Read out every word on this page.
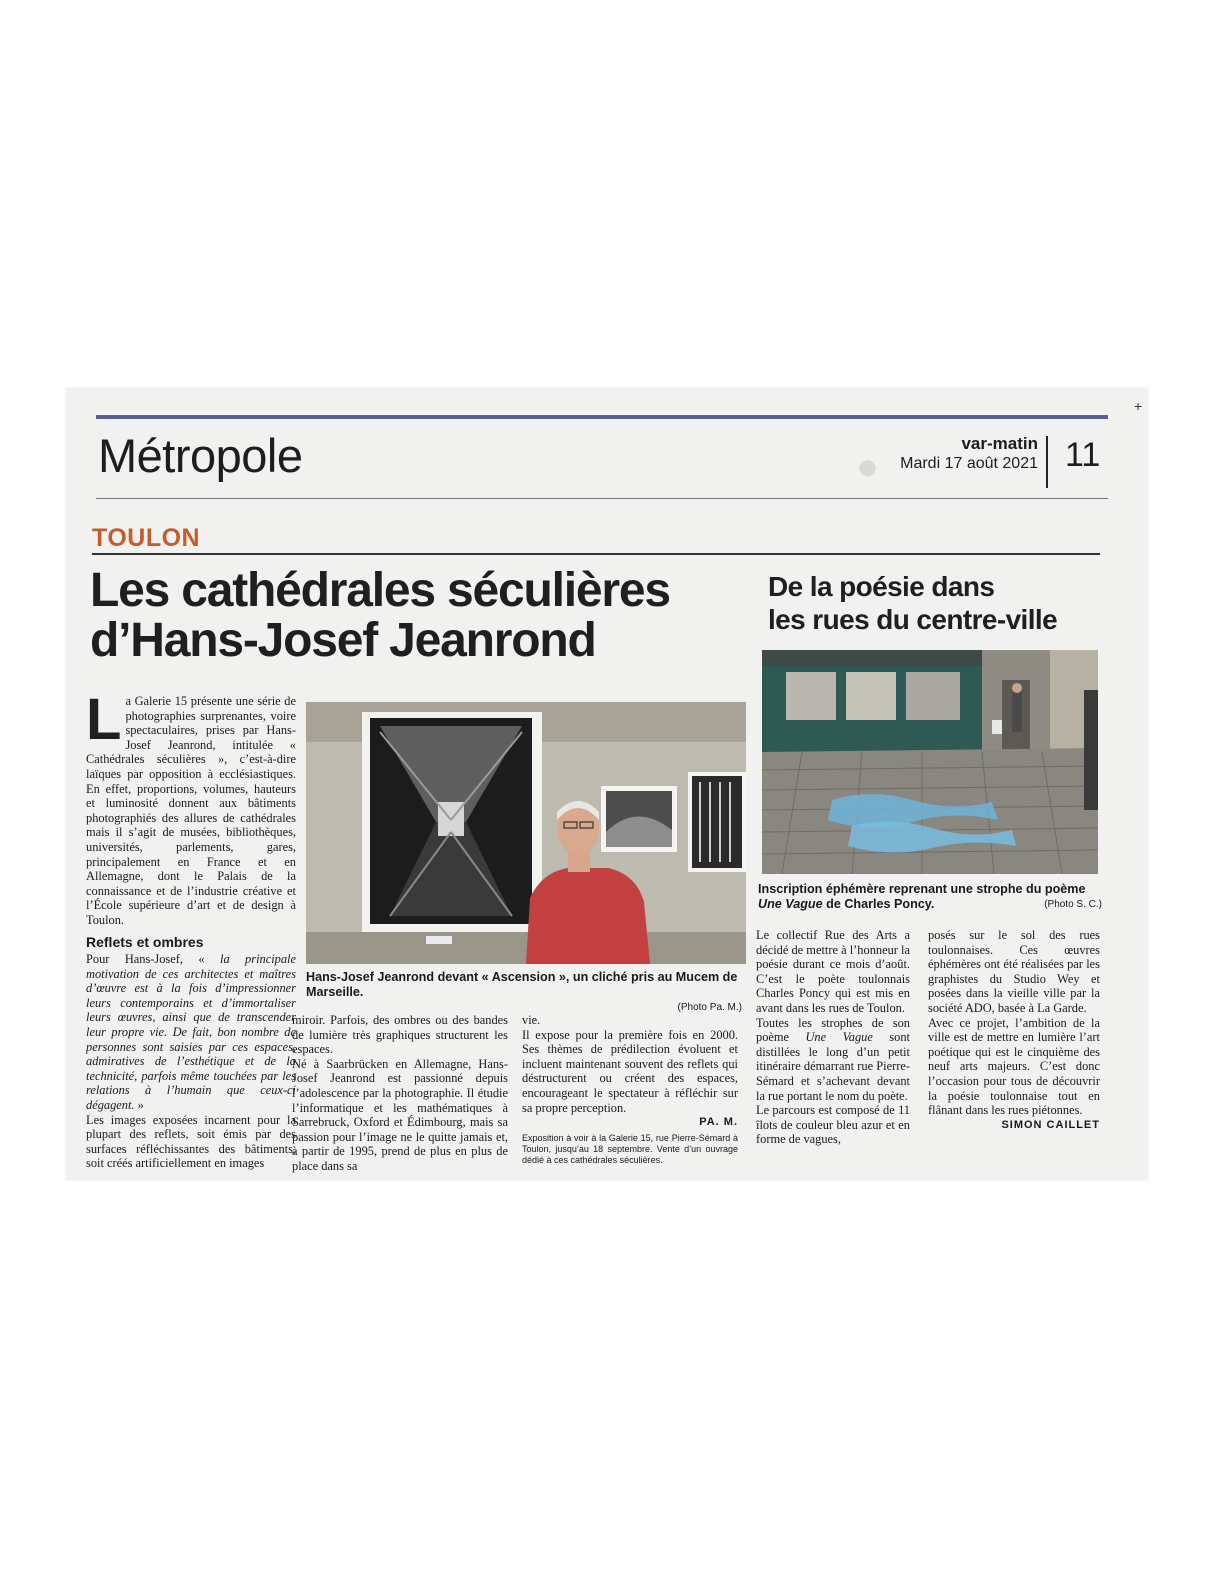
●
Métropole	var-matin
Mardi 17 août 2021 11
TOULON
Les cathédrales séculières
d’Hans-Josef Jeanrond
De la poésie dans
les rues du centre-ville

La Galerie 15 présente une série de photographies surprenantes, voire spectaculaires, prises par Hans-Josef Jeanrond, intitulée « Cathédrales séculières », c’est-à-dire laïques par opposition à ecclésiastiques. En effet, proportions, volumes, hauteurs et luminosité donnent aux bâtiments photographiés des allures de cathédrales mais il s’agit de musées, bibliothèques, universités, parlements, gares, principalement en France et en Allemagne, dont le Palais de la connaissance et de l’industrie créative et l’École supérieure d’art et de design à Toulon.

Reflets et ombres

Pour Hans-Josef, « la principale motivation de ces architectes et maîtres d’œuvre est à la fois d’impressionner leurs contemporains et d’immortaliser leurs œuvres, ainsi que de transcender leur propre vie. De fait, bon nombre de personnes sont saisies par ces espaces, admiratives de l’esthétique et de la technicité, parfois même touchées par les relations à l’humain que ceux-ci dégagent. »

Les images exposées incarnent pour la plupart des reflets, soit émis par des surfaces réfléchissantes des bâtiments, soit créés artificiellement en images

Hans-Josef Jeanrond devant « Ascension », un cliché pris au Mucem de Marseille.

(Photo Pa. M.)

miroir. Parfois, des ombres ou des bandes de lumière très graphiques structurent les espaces.

Né à Saarbrücken en Allemagne, Hans-Josef Jeanrond est passionné depuis l’adolescence par la photographie. Il étudie l’informatique et les mathématiques à Sarrebruck, Oxford et Édimbourg, mais sa passion pour l’image ne le quitte jamais et, à partir de 1995, prend de plus en plus de place dans sa

vie.

Il expose pour la première fois en 2000. Ses thèmes de prédilection évoluent et incluent maintenant souvent des reflets qui déstructurent ou créent des espaces, encourageant le spectateur à réfléchir sur sa propre perception.

PA. M.

Exposition à voir à la Galerie 15, rue Pierre-Sémard à Toulon, jusqu’au 18 septembre. Vente d’un ouvrage dédié à ces cathédrales séculières.

Inscription éphémère reprenant une strophe du poème Une Vague de Charles Poncy.	(Photo S. C.)

Le collectif Rue des Arts a décidé de mettre à l’honneur la poésie durant ce mois d’août. C’est le poète toulonnais Charles Poncy qui est mis en avant dans les rues de Toulon.

Toutes les strophes de son poème Une Vague sont distillées le long d’un petit itinéraire démarrant rue Pierre-Sémard et s’achevant devant la rue portant le nom du poète.

Le parcours est composé de 11 îlots de couleur bleu azur et en forme de vagues,

posés sur le sol des rues toulonnaises. Ces œuvres éphémères ont été réalisées par les graphistes du Studio Wey et posées dans la vieille ville par la société ADO, basée à La Garde.

Avec ce projet, l’ambition de la ville est de mettre en lumière l’art poétique qui est le cinquième des neuf arts majeurs. C’est donc l’occasion pour tous de découvrir la poésie toulonnaise tout en flânant dans les rues piétonnes.

SIMON CAILLET

+
